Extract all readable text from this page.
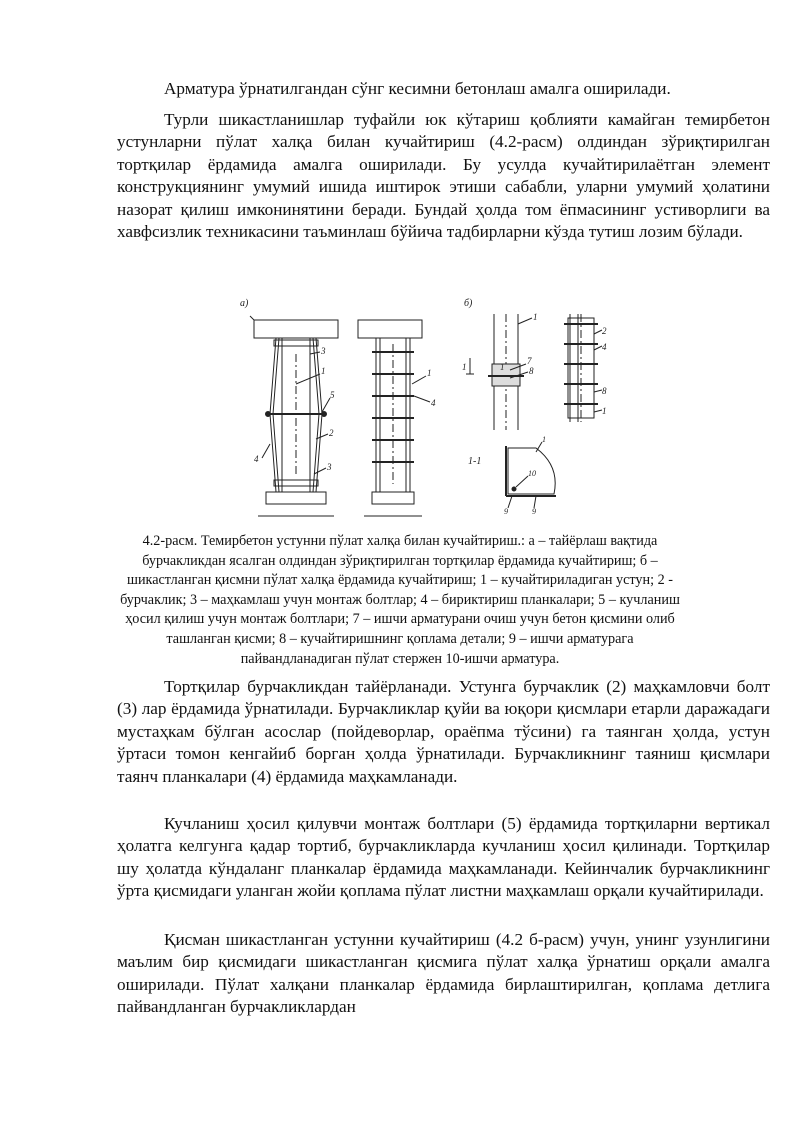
Арматура ўрнатилгандан сўнг кесимни бетонлаш амалга оширилади.

Турли шикастланишлар туфайли юк кўтариш қоблияти камайган темирбетон устунларни пўлат халқа билан кучайтириш (4.2-расм) олдиндан зўриқтирилган тортқилар ёрдамида амалга оширилади. Бу усулда кучайтирилаётган элемент конструкциянинг умумий ишида иштирок этиши сабабли, уларни умумий ҳолатини назорат қилиш имконинятини беради. Бундай ҳолда том ёпмасининг устиворлиги ва хавфсизлик техникасини таъминлаш бўйича тадбирларни кўзда тутиш лозим бўлади.

а)
3
1
5
2
4
3
1
4
б)
1
7
8
1	1
2
4
8
1
1-1
10
9	9
1

4.2-расм. Темирбетон устунни пўлат халқа билан кучайтириш.: а – тайёрлаш вақтида бурчакликдан ясалган олдиндан зўриқтирилган тортқилар ёрдамида кучайтириш; б – шикастланган қисмни пўлат халқа ёрдамида кучайтириш; 1 – кучайтириладиган устун; 2 - бурчаклик; 3 – маҳкамлаш учун монтаж болтлар; 4 – бириктириш планкалари; 5 – кучланиш ҳосил қилиш учун монтаж болтлари; 7 – ишчи арматурани очиш учун бетон қисмини олиб ташланган қисми; 8 – кучайтиришнинг қоплама детали; 9 – ишчи арматурага пайвандланадиган пўлат стержен 10-ишчи арматура.

Тортқилар бурчакликдан тайёрланади. Устунга бурчаклик (2) маҳкамловчи болт (3) лар ёрдамида ўрнатилади. Бурчакликлар қуйи ва юқори қисмлари етарли даражадаги мустаҳкам бўлган асослар (пойдеворлар, ораёпма тўсини) га таянган ҳолда, устун ўртаси томон кенгайиб борган ҳолда ўрнатилади. Бурчакликнинг таяниш қисмлари таянч планкалари (4) ёрдамида маҳкамланади.

Кучланиш ҳосил қилувчи монтаж болтлари (5) ёрдамида тортқиларни вертикал ҳолатга келгунга қадар тортиб, бурчакликларда кучланиш ҳосил қилинади. Тортқилар шу ҳолатда кўндаланг планкалар ёрдамида маҳкамланади. Кейинчалик бурчакликнинг ўрта қисмидаги уланган жойи қоплама пўлат листни маҳкамлаш орқали кучайтирилади.

Қисман шикастланган устунни кучайтириш (4.2 б-расм) учун, унинг узунлигини маълим бир қисмидаги шикастланган қисмига пўлат халқа ўрнатиш орқали амалга оширилади. Пўлат халқани планкалар ёрдамида бирлаштирилган, қоплама детлига пайвандланган бурчакликлардан
